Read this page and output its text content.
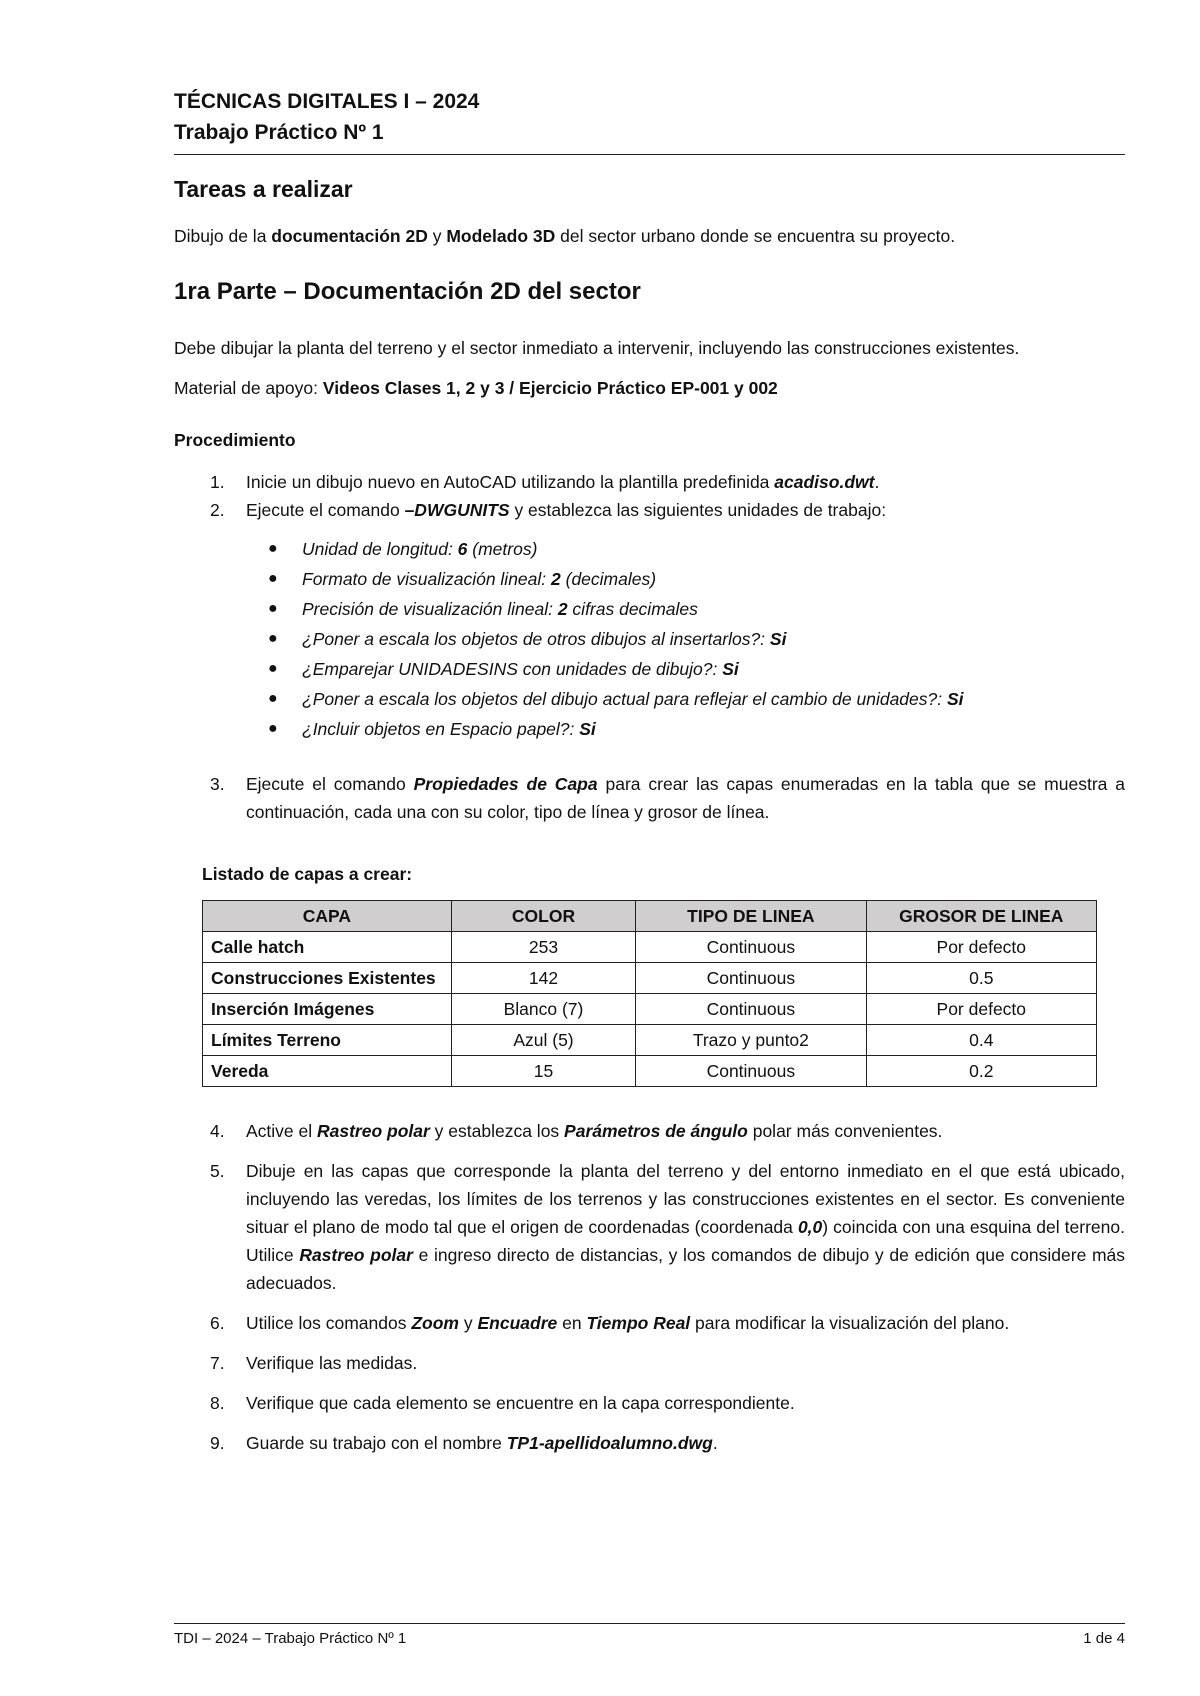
TÉCNICAS DIGITALES I – 2024
Trabajo Práctico Nº 1
Tareas a realizar

Dibujo de la documentación 2D y Modelado 3D del sector urbano donde se encuentra su proyecto.

1ra Parte – Documentación 2D del sector

Debe dibujar la planta del terreno y el sector inmediato a intervenir, incluyendo las construcciones existentes.

Material de apoyo: Videos Clases 1, 2 y 3 / Ejercicio Práctico EP-001 y 002

Procedimiento

1. Inicie un dibujo nuevo en AutoCAD utilizando la plantilla predefinida acadiso.dwt.
2. Ejecute el comando –DWGUNITS y establezca las siguientes unidades de trabajo:
● Unidad de longitud: 6 (metros)
● Formato de visualización lineal: 2 (decimales)
● Precisión de visualización lineal: 2 cifras decimales
● ¿Poner a escala los objetos de otros dibujos al insertarlos?: Si
● ¿Emparejar UNIDADESINS con unidades de dibujo?: Si
● ¿Poner a escala los objetos del dibujo actual para reflejar el cambio de unidades?: Si
● ¿Incluir objetos en Espacio papel?: Si
3. Ejecute el comando Propiedades de Capa para crear las capas enumeradas en la tabla que se muestra a continuación, cada una con su color, tipo de línea y grosor de línea.

Listado de capas a crear:

CAPA	COLOR	TIPO DE LINEA	GROSOR DE LINEA
Calle hatch	253	Continuous	Por defecto
Construcciones Existentes	142	Continuous	0.5
Inserción Imágenes	Blanco (7)	Continuous	Por defecto
Límites Terreno	Azul (5)	Trazo y punto2	0.4
Vereda	15	Continuous	0.2
4. Active el Rastreo polar y establezca los Parámetros de ángulo polar más convenientes.
5. Dibuje en las capas que corresponde la planta del terreno y del entorno inmediato en el que está ubicado, incluyendo las veredas, los límites de los terrenos y las construcciones existentes en el sector. Es conveniente situar el plano de modo tal que el origen de coordenadas (coordenada 0,0) coincida con una esquina del terreno. Utilice Rastreo polar e ingreso directo de distancias, y los comandos de dibujo y de edición que considere más adecuados.
6. Utilice los comandos Zoom y Encuadre en Tiempo Real para modificar la visualización del plano.
7. Verifique las medidas.
8. Verifique que cada elemento se encuentre en la capa correspondiente.
9. Guarde su trabajo con el nombre TP1-apellidoalumno.dwg.
TDI – 2024 – Trabajo Práctico Nº 1	1 de 4
